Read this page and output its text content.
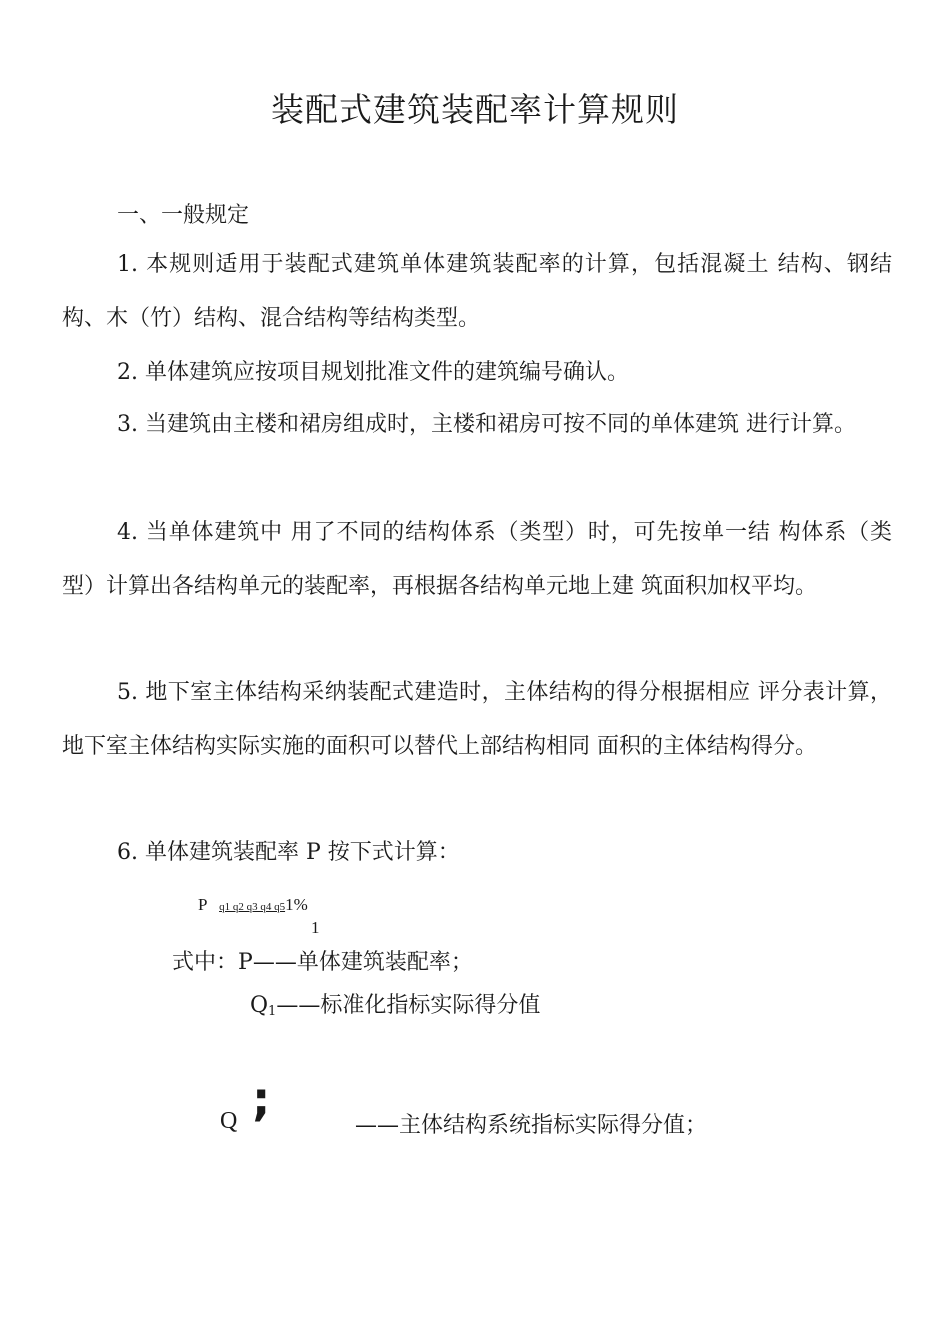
装配式建筑装配率计算规则
一、一般规定

1. 本规则适用于装配式建筑单体建筑装配率的计算，包括混凝土 结构、钢结构、木（竹）结构、混合结构等结构类型。

2. 单体建筑应按项目规划批准文件的建筑编号确认。

3. 当建筑由主楼和裙房组成时，主楼和裙房可按不同的单体建筑 进行计算。

4. 当单体建筑中 用了不同的结构体系（类型）时，可先按单一结 构体系（类型）计算出各结构单元的装配率，再根据各结构单元地上建 筑面积加权平均。

5. 地下室主体结构采纳装配式建造时，主体结构的得分根据相应 评分表计算，地下室主体结构实际实施的面积可以替代上部结构相同 面积的主体结构得分。

6. 单体建筑装配率 P 按下式计算：

P q1 q2 q3 q4 q51%
1
式中：P——单体建筑装配率；
$Q_1——$标准化指标实际得分值
Q ;	——主体结构系统指标实际得分值；
